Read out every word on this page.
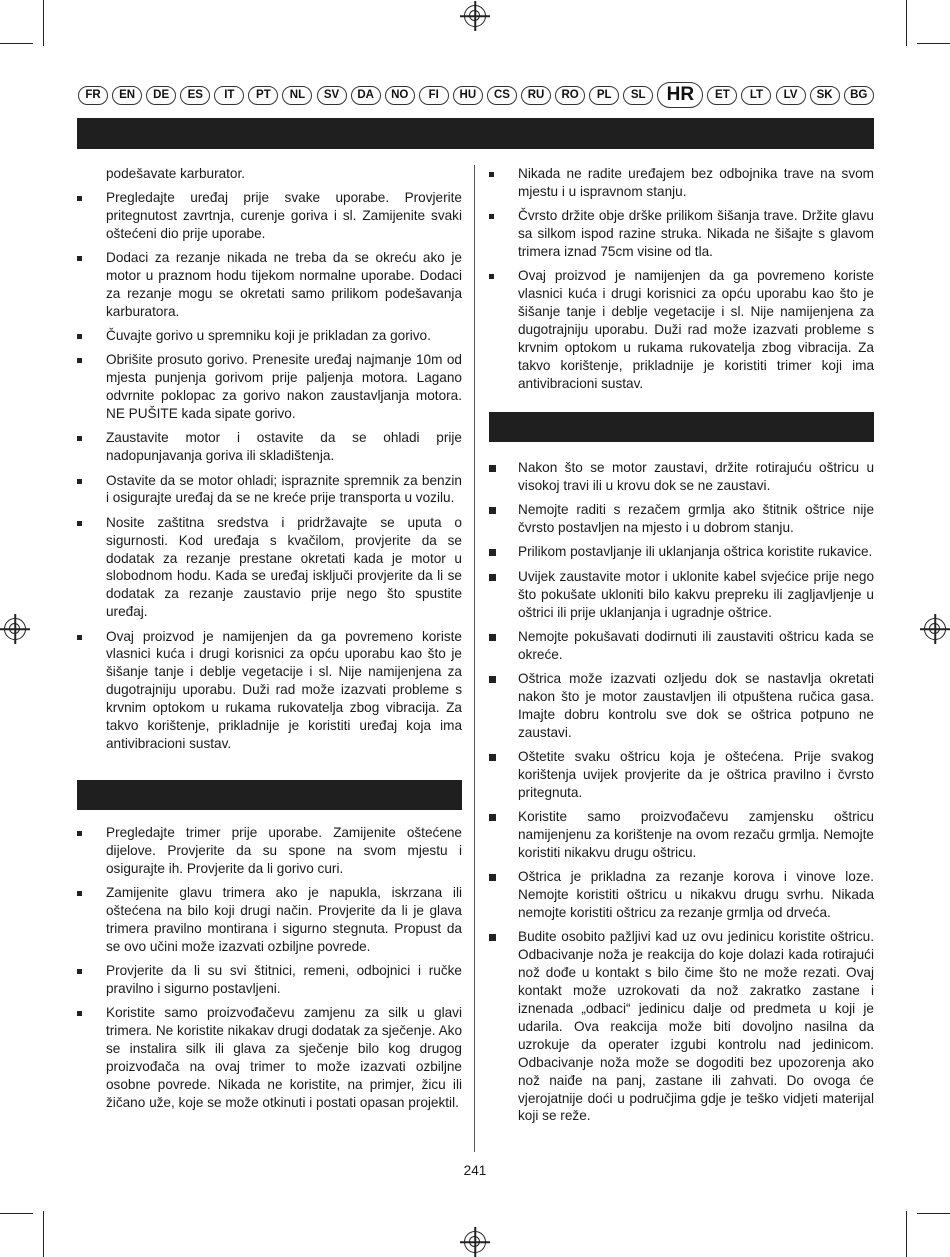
FR	EN	DE	ES	IT	PT	NL	SV	DA	NO	FI	HU	CS	RU	RO	PL	SL	HR	ET	LT	LV	SK	BG

podešavate karburator.

Pregledajte uređaj prije svake uporabe. Provjerite pritegnutost zavrtnja, curenje goriva i sl. Zamijenite svaki oštećeni dio prije uporabe.
Dodaci za rezanje nikada ne treba da se okreću ako je motor u praznom hodu tijekom normalne uporabe. Dodaci za rezanje mogu se okretati samo prilikom podešavanja karburatora.
Čuvajte gorivo u spremniku koji je prikladan za gorivo.
Obrišite prosuto gorivo. Prenesite uređaj najmanje 10m od mjesta punjenja gorivom prije paljenja motora. Lagano odvrnite poklopac za gorivo nakon zaustavljanja motora. NE PUŠITE kada sipate gorivo.
Zaustavite motor i ostavite da se ohladi prije nadopunjavanja goriva ili skladištenja.
Ostavite da se motor ohladi; ispraznite spremnik za benzin i osigurajte uređaj da se ne kreće prije transporta u vozilu.
Nosite zaštitna sredstva i pridržavajte se uputa o sigurnosti. Kod uređaja s kvačilom, provjerite da se dodatak za rezanje prestane okretati kada je motor u slobodnom hodu. Kada se uređaj isključi provjerite da li se dodatak za rezanje zaustavio prije nego što spustite uređaj.
Ovaj proizvod je namijenjen da ga povremeno koriste vlasnici kuća i drugi korisnici za opću uporabu kao što je šišanje tanje i deblje vegetacije i sl. Nije namijenjena za dugotrajniju uporabu. Duži rad može izazvati probleme s krvnim optokom u rukama rukovatelja zbog vibracija. Za takvo korištenje, prikladnije je koristiti uređaj koja ima antivibracioni sustav.
Pregledajte trimer prije uporabe. Zamijenite oštećene dijelove. Provjerite da su spone na svom mjestu i osigurajte ih. Provjerite da li gorivo curi.
Zamijenite glavu trimera ako je napukla, iskrzana ili oštećena na bilo koji drugi način. Provjerite da li je glava trimera pravilno montirana i sigurno stegnuta. Propust da se ovo učini može izazvati ozbiljne povrede.
Provjerite da li su svi štitnici, remeni, odbojnici i ručke pravilno i sigurno postavljeni.
Koristite samo proizvođačevu zamjenu za silk u glavi trimera. Ne koristite nikakav drugi dodatak za sječenje. Ako se instalira silk ili glava za sječenje bilo kog drugog proizvođača na ovaj trimer to može izazvati ozbiljne osobne povrede. Nikada ne koristite, na primjer, žicu ili žičano uže, koje se može otkinuti i postati opasan projektil.
Nikada ne radite uređajem bez odbojnika trave na svom mjestu i u ispravnom stanju.
Čvrsto držite obje drške prilikom šišanja trave. Držite glavu sa silkom ispod razine struka. Nikada ne šišajte s glavom trimera iznad 75cm visine od tla.
Ovaj proizvod je namijenjen da ga povremeno koriste vlasnici kuća i drugi korisnici za opću uporabu kao što je šišanje tanje i deblje vegetacije i sl. Nije namijenjena za dugotrajniju uporabu. Duži rad može izazvati probleme s krvnim optokom u rukama rukovatelja zbog vibracija. Za takvo korištenje, prikladnije je koristiti trimer koji ima antivibracioni sustav.
Nakon što se motor zaustavi, držite rotirajuću oštricu u visokoj travi ili u krovu dok se ne zaustavi.
Nemojte raditi s rezačem grmlja ako štitnik oštrice nije čvrsto postavljen na mjesto i u dobrom stanju.
Prilikom postavljanje ili uklanjanja oštrica koristite rukavice.
Uvijek zaustavite motor i uklonite kabel svjećice prije nego što pokušate ukloniti bilo kakvu prepreku ili zagljavljenje u oštrici ili prije uklanjanja i ugradnje oštrice.
Nemojte pokušavati dodirnuti ili zaustaviti oštricu kada se okreće.
Oštrica može izazvati ozljedu dok se nastavlja okretati nakon što je motor zaustavljen ili otpuštena ručica gasa. Imajte dobru kontrolu sve dok se oštrica potpuno ne zaustavi.
Oštetite svaku oštricu koja je oštećena. Prije svakog korištenja uvijek provjerite da je oštrica pravilno i čvrsto pritegnuta.
Koristite samo proizvođačevu zamjensku oštricu namijenjenu za korištenje na ovom rezaču grmlja. Nemojte koristiti nikakvu drugu oštricu.
Oštrica je prikladna za rezanje korova i vinove loze. Nemojte koristiti oštricu u nikakvu drugu svrhu. Nikada nemojte koristiti oštricu za rezanje grmlja od drveća.
Budite osobito pažljivi kad uz ovu jedinicu koristite oštricu. Odbacivanje noža je reakcija do koje dolazi kada rotirajući nož dođe u kontakt s bilo čime što ne može rezati. Ovaj kontakt može uzrokovati da nož zakratko zastane i iznenada „odbaci“ jedinicu dalje od predmeta u koji je udarila. Ova reakcija može biti dovoljno nasilna da uzrokuje da operater izgubi kontrolu nad jedinicom. Odbacivanje noža može se dogoditi bez upozorenja ako nož naiđe na panj, zastane ili zahvati. Do ovoga će vjerojatnije doći u područjima gdje je teško vidjeti materijal koji se reže.
241
